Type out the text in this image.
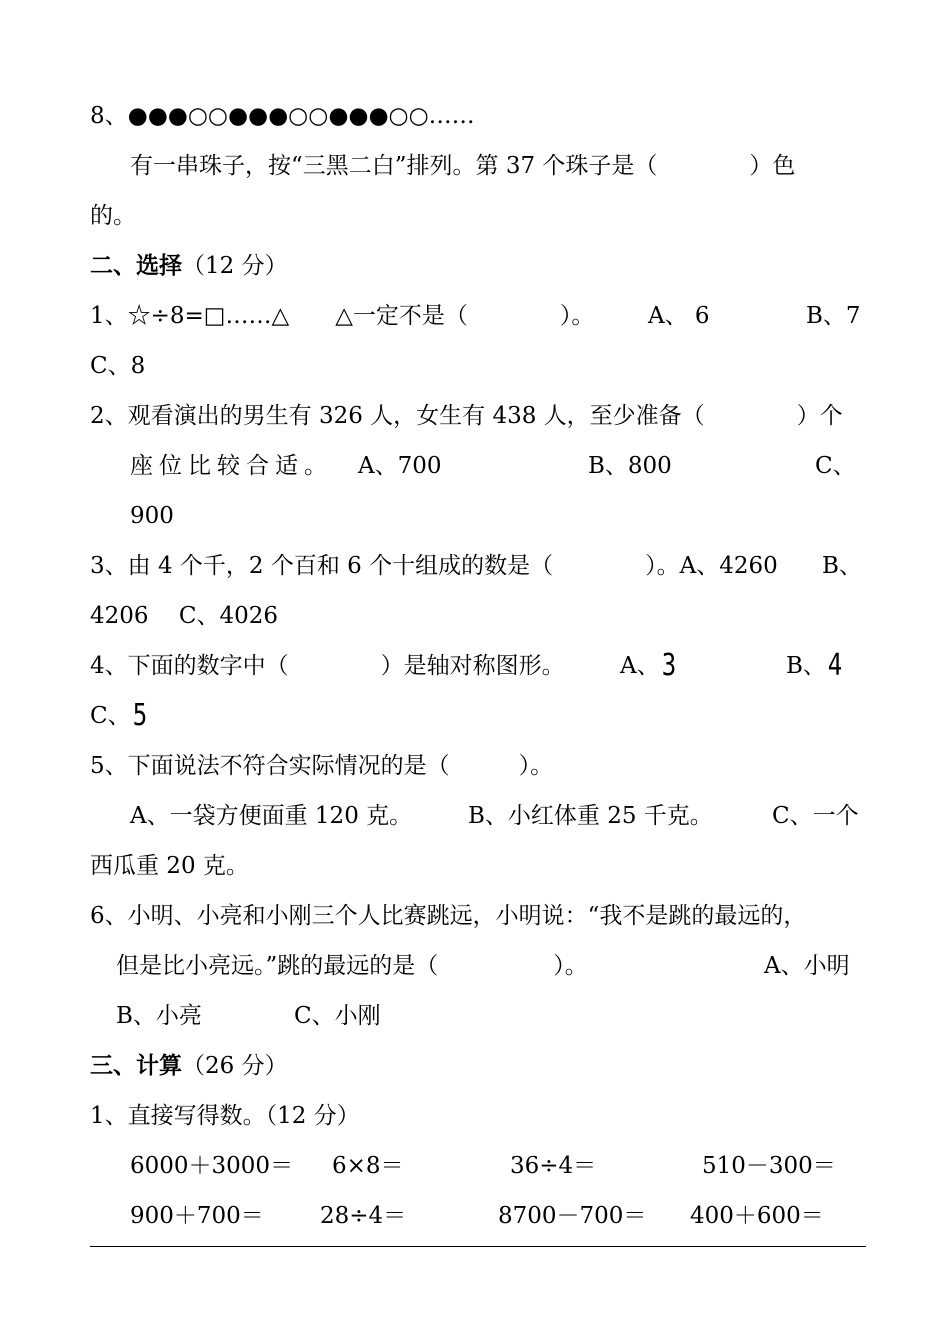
8、●●●○○●●●○○●●●○○……
有一串珠子，按“三黑二白”排列。第 37 个珠子是（　　　　）色
的。
二、选择（12 分）
1、☆÷8=□……△　　△一定不是（　　　　）。 A、 6	B、7
C、8
2、观看演出的男生有 326 人，女生有 438 人，至少准备（　　　　）个
座位比较合适。 A、700	B、800	C、
900
3、由 4 个千，2 个百和 6 个十组成的数是（　　　　）。A、4260 B、
4206　 C、4026
4、下面的数字中（　　　　）是轴对称图形。 A、3	B、4
C、5
5、下面说法不符合实际情况的是（　　　）。
A、一袋方便面重 120 克。 B、小红体重 25 千克。	C、一个
西瓜重 20 克。
6、小明、小亮和小刚三个人比赛跳远，小明说：“我不是跳的最远的，
但是比小亮远。”跳的最远的是（　　　　　）。	A、小明
B、小亮	C、小刚
三、计算（26 分）
1、直接写得数。（12 分）
6000＋3000＝ 6×8＝	36÷4＝	510－300＝
900＋700＝ 28÷4＝	8700－700＝ 400＋600＝
